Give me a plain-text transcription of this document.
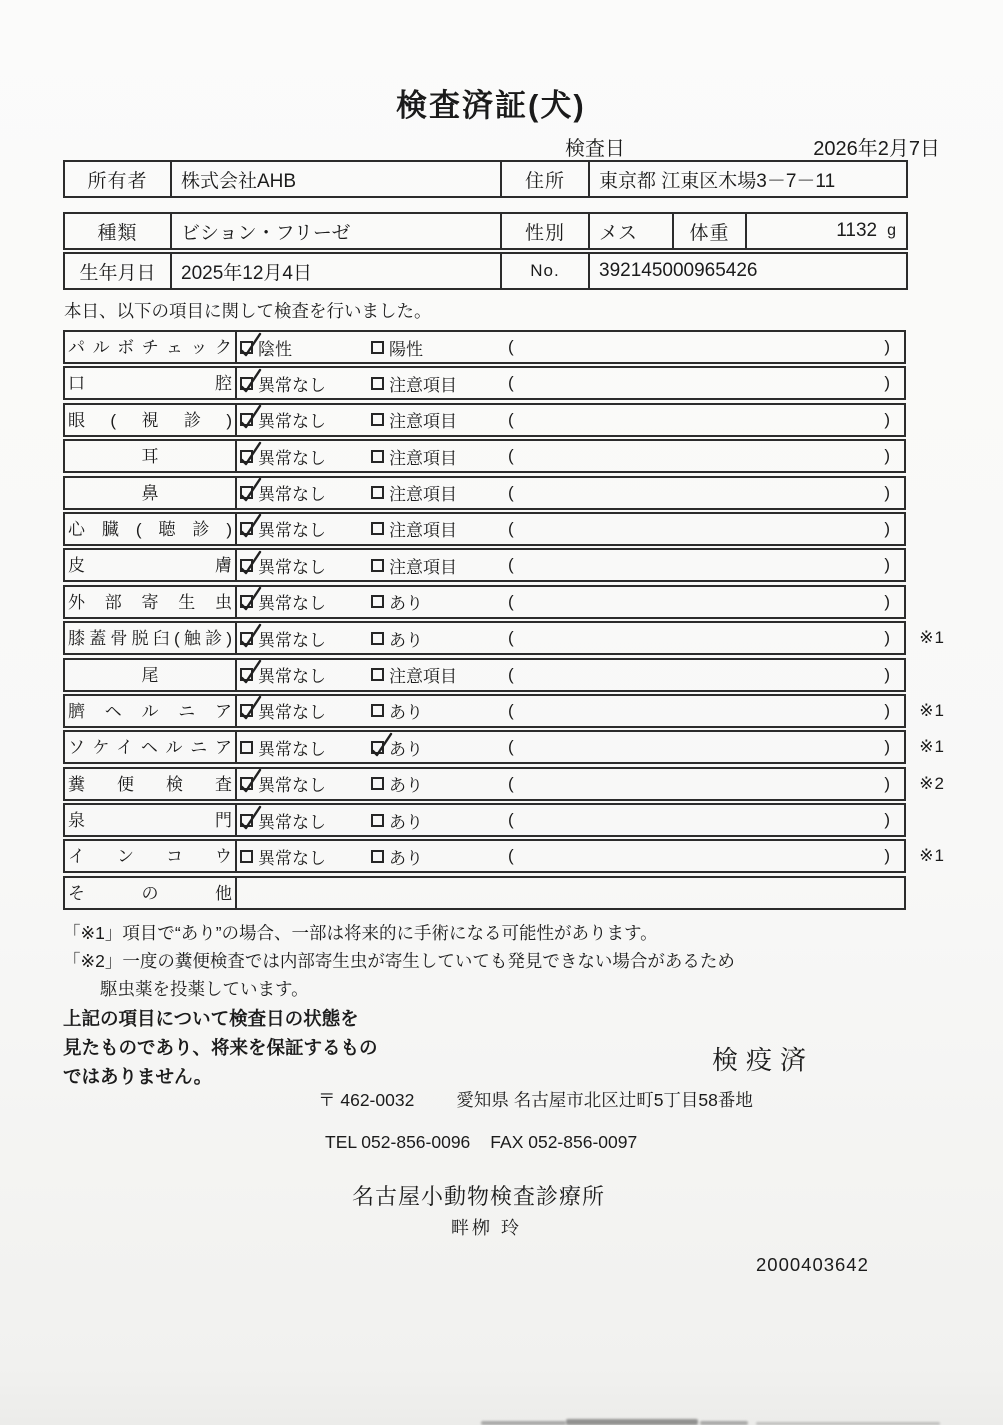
検査済証(犬)
検査日	2026年2月7日
所有者	株式会社AHB	住所	東京都 江東区木場3－7－11
種類	ビション・フリーゼ	性別	メス	体重	1132 g
生年月日	2025年12月4日	No.	392145000965426
本日、以下の項目に関して検査を行いました。
パルボチェック 陰性	陽性	(	)
口腔 異常なし	注意項目	(	)
眼(視診) 異常なし	注意項目	(	)
耳	異常なし	注意項目	(	)
鼻	異常なし	注意項目	(	)
心臓(聴診) 異常なし	注意項目	(	)
皮膚 異常なし	注意項目	(	)
外部寄生虫 異常なし	あり	(	)
膝蓋骨脱臼(触診) 異常なし	あり	(	) ※1
尾	異常なし	注意項目	(	)
臍ヘルニア 異常なし	あり	(	) ※1
ソケイヘルニア 異常なし	あり	(	) ※1
糞便検査 異常なし	あり	(	) ※2
泉門 異常なし	あり	(	)
インコウ 異常なし	あり	(	) ※1
その他
「※1」項目で“あり”の場合、一部は将来的に手術になる可能性があります。
「※2」一度の糞便検査では内部寄生虫が寄生していても発見できない場合があるため
駆虫薬を投薬しています。
上記の項目について検査日の状態を
見たものであり、将来を保証するもの
ではありません。
検疫済
〒 462-0032 愛知県 名古屋市北区辻町5丁目58番地
TEL 052-856-0096 FAX 052-856-0097
名古屋小動物検査診療所
畔栁 玲
2000403642
